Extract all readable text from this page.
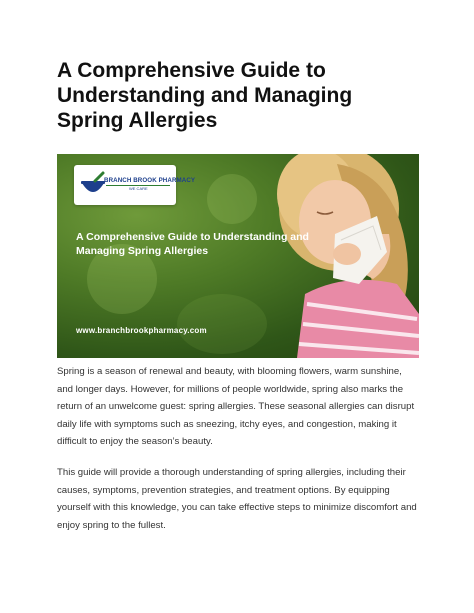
A Comprehensive Guide to Understanding and Managing Spring Allergies
BRANCH BROOK PHARMACY
WE CARE
A Comprehensive Guide to Understanding and Managing Spring Allergies
www.branchbrookpharmacy.com

Spring is a season of renewal and beauty, with blooming flowers, warm sunshine, and longer days. However, for millions of people worldwide, spring also marks the return of an unwelcome guest: spring allergies. These seasonal allergies can disrupt daily life with symptoms such as sneezing, itchy eyes, and congestion, making it difficult to enjoy the season’s beauty.

This guide will provide a thorough understanding of spring allergies, including their causes, symptoms, prevention strategies, and treatment options. By equipping yourself with this knowledge, you can take effective steps to minimize discomfort and enjoy spring to the fullest.
